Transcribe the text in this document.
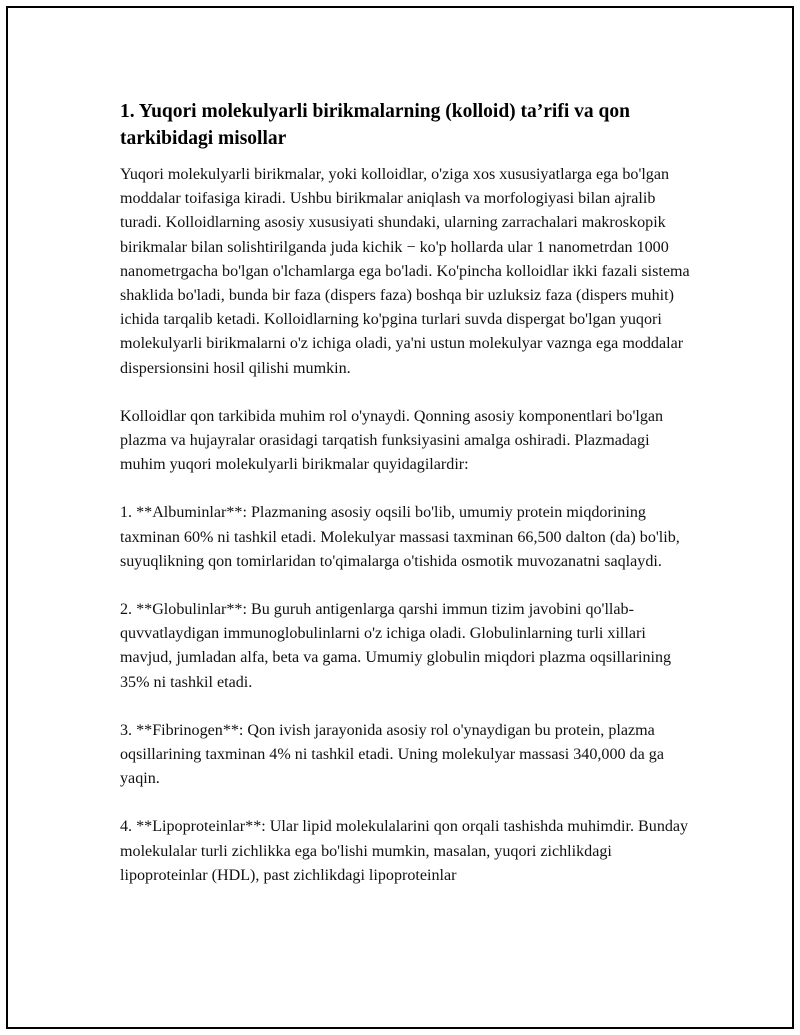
1. Yuqori molekulyarli birikmalarning (kolloid) ta’rifi va qon tarkibidagi misollar

Yuqori molekulyarli birikmalar, yoki kolloidlar, o'ziga xos xususiyatlarga ega bo'lgan moddalar toifasiga kiradi. Ushbu birikmalar aniqlash va morfologiyasi bilan ajralib turadi. Kolloidlarning asosiy xususiyati shundaki, ularning zarrachalari makroskopik birikmalar bilan solishtirilganda juda kichik − ko'p hollarda ular 1 nanometrdan 1000 nanometrgacha bo'lgan o'lchamlarga ega bo'ladi. Ko'pincha kolloidlar ikki fazali sistema shaklida bo'ladi, bunda bir faza (dispers faza) boshqa bir uzluksiz faza (dispers muhit) ichida tarqalib ketadi. Kolloidlarning ko'pgina turlari suvda dispergat bo'lgan yuqori molekulyarli birikmalarni o'z ichiga oladi, ya'ni ustun molekulyar vaznga ega moddalar dispersionsini hosil qilishi mumkin.

Kolloidlar qon tarkibida muhim rol o'ynaydi. Qonning asosiy komponentlari bo'lgan plazma va hujayralar orasidagi tarqatish funksiyasini amalga oshiradi. Plazmadagi muhim yuqori molekulyarli birikmalar quyidagilardir:

1. **Albuminlar**: Plazmaning asosiy oqsili bo'lib, umumiy protein miqdorining taxminan 60% ni tashkil etadi. Molekulyar massasi taxminan 66,500 dalton (da) bo'lib, suyuqlikning qon tomirlaridan to'qimalarga o'tishida osmotik muvozanatni saqlaydi.

2. **Globulinlar**: Bu guruh antigenlarga qarshi immun tizim javobini qo'llab-quvvatlaydigan immunoglobulinlarni o'z ichiga oladi. Globulinlarning turli xillari mavjud, jumladan alfa, beta va gama. Umumiy globulin miqdori plazma oqsillarining 35% ni tashkil etadi.

3. **Fibrinogen**: Qon ivish jarayonida asosiy rol o'ynaydigan bu protein, plazma oqsillarining taxminan 4% ni tashkil etadi. Uning molekulyar massasi 340,000 da ga yaqin.

4. **Lipoproteinlar**: Ular lipid molekulalarini qon orqali tashishda muhimdir. Bunday molekulalar turli zichlikka ega bo'lishi mumkin, masalan, yuqori zichlikdagi lipoproteinlar (HDL), past zichlikdagi lipoproteinlar
